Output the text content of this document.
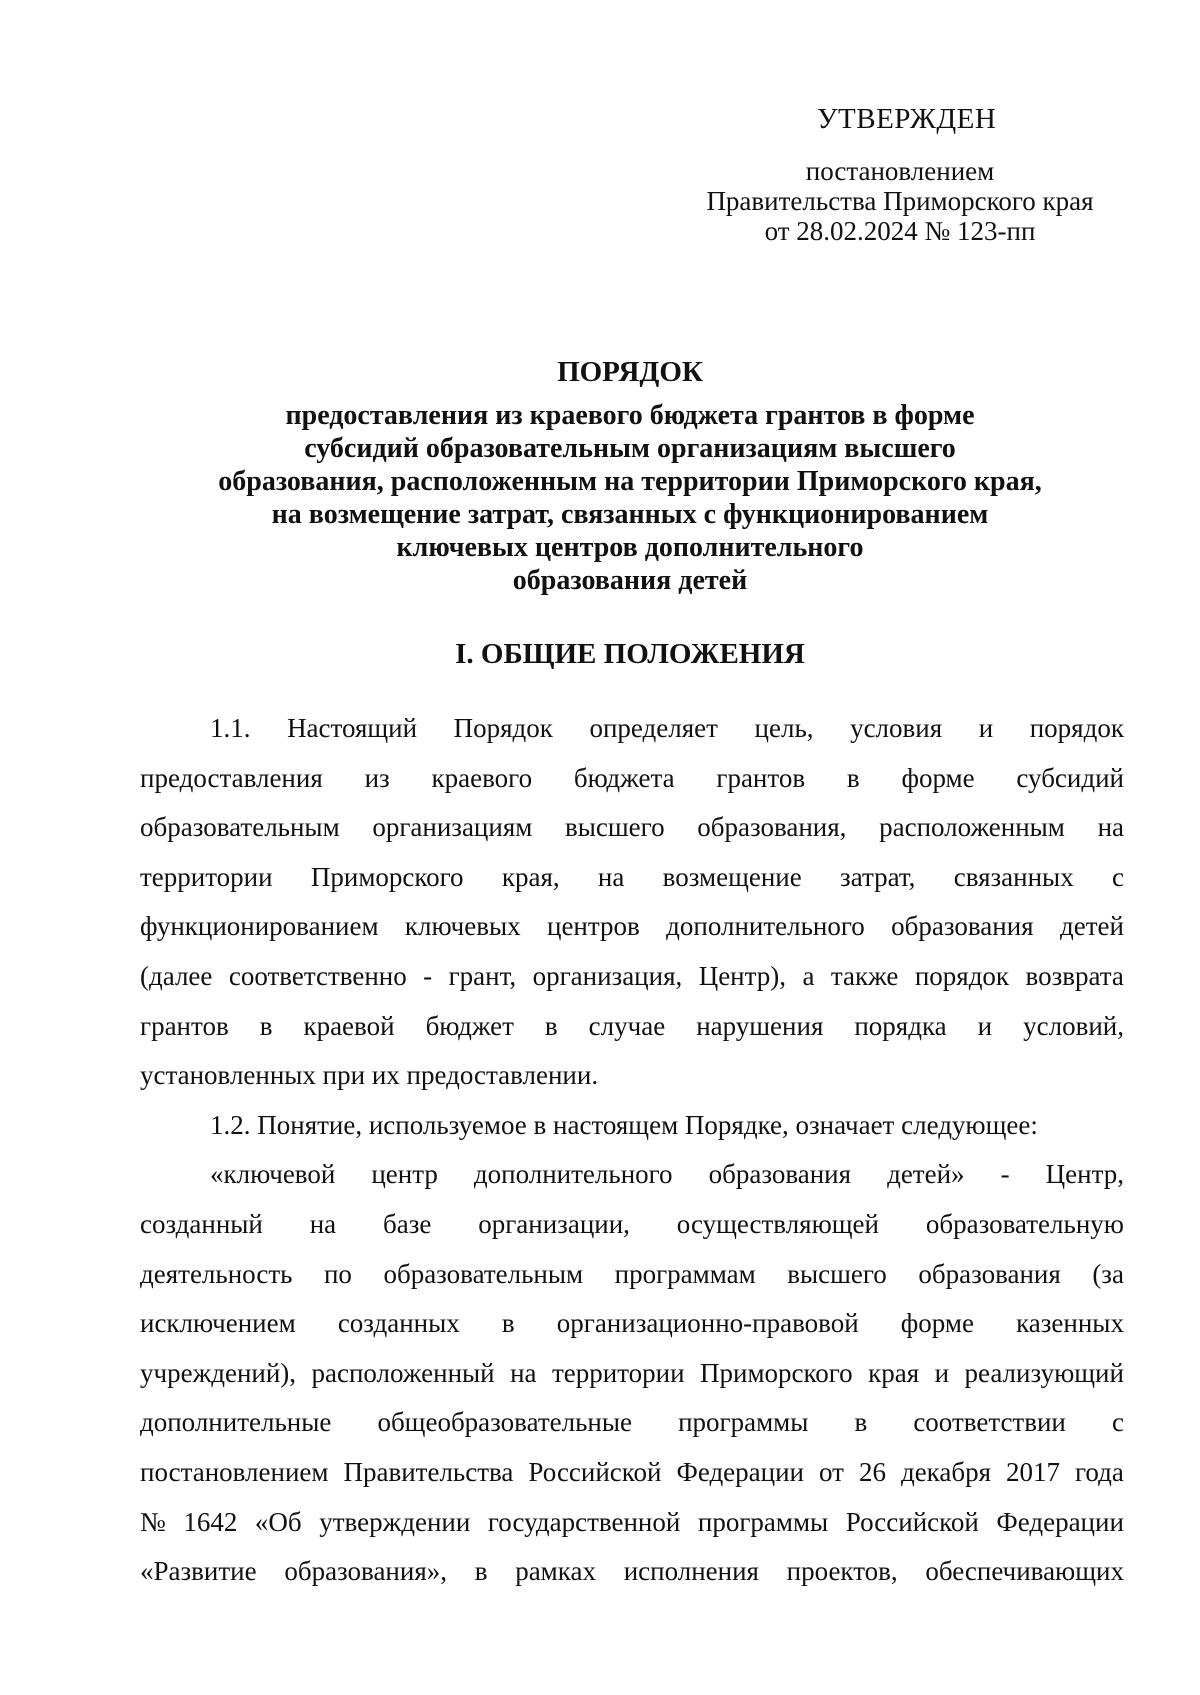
УТВЕРЖДЕН
постановлением
Правительства Приморского края
от 28.02.2024 № 123-пп
ПОРЯДОК
предоставления из краевого бюджета грантов в форме
субсидий образовательным организациям высшего
образования, расположенным на территории Приморского края,
на возмещение затрат, связанных с функционированием
ключевых центров дополнительного
образования детей
I. ОБЩИЕ ПОЛОЖЕНИЯ
1.1. Настоящий Порядок определяет цель, условия и порядок
предоставления из краевого бюджета грантов в форме субсидий
образовательным организациям высшего образования, расположенным на
территории Приморского края, на возмещение затрат, связанных с
функционированием ключевых центров дополнительного образования детей
(далее соответственно - грант, организация, Центр), а также порядок возврата
грантов в краевой бюджет в случае нарушения порядка и условий,
установленных при их предоставлении.
1.2. Понятие, используемое в настоящем Порядке, означает следующее:
«ключевой центр дополнительного образования детей» - Центр,
созданный на базе организации, осуществляющей образовательную
деятельность по образовательным программам высшего образования (за
исключением созданных в организационно-правовой форме казенных
учреждений), расположенный на территории Приморского края и реализующий
дополнительные общеобразовательные программы в соответствии с
постановлением Правительства Российской Федерации от 26 декабря 2017 года
№ 1642 «Об утверждении государственной программы Российской Федерации
«Развитие образования», в рамках исполнения проектов, обеспечивающих
